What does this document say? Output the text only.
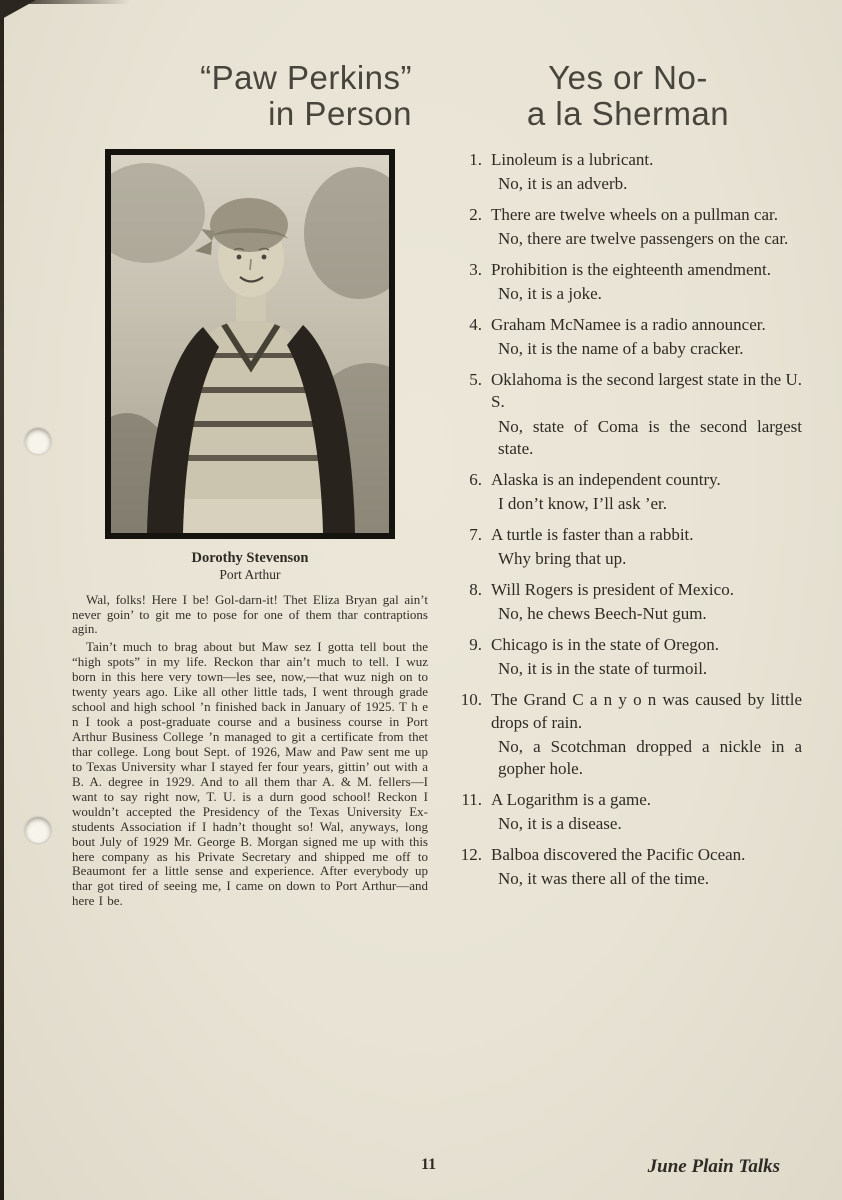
“Paw Perkins”
in Person
Dorothy Stevenson
Port Arthur

Wal, folks! Here I be! Gol-darn-it! Thet Eliza Bryan gal ain’t never goin’ to git me to pose for one of them thar contraptions agin.

Tain’t much to brag about but Maw sez I gotta tell bout the “high spots” in my life. Reckon thar ain’t much to tell. I wuz born in this here very town—les see, now,—that wuz nigh on to twenty years ago. Like all other little tads, I went through grade school and high school ’n finished back in January of 1925. T h e n I took a post-graduate course and a business course in Port Arthur Business College ’n managed to git a certificate from thet thar college. Long bout Sept. of 1926, Maw and Paw sent me up to Texas University whar I stayed fer four years, gittin’ out with a B. A. degree in 1929. And to all them thar A. & M. fellers—I want to say right now, T. U. is a durn good school! Reckon I wouldn’t accepted the Presidency of the Texas University Ex-students Association if I hadn’t thought so! Wal, anyways, long bout July of 1929 Mr. George B. Morgan signed me up with this here company as his Private Secretary and shipped me off to Beaumont fer a little sense and experience. After everybody up thar got tired of seeing me, I came on down to Port Arthur—and here I be.

Yes or No-
a la Sherman
1. Linoleum is a lubricant.

No, it is an adverb.

2. There are twelve wheels on a pullman car.

No, there are twelve passengers on the car.

3. Prohibition is the eighteenth amendment.

No, it is a joke.

4. Graham McNamee is a radio announcer.

No, it is the name of a baby cracker.

5. Oklahoma is the second largest state in the U. S.

No, state of Coma is the second largest state.

6. Alaska is an independent country.

I don’t know, I’ll ask ’er.

7. A turtle is faster than a rabbit.

Why bring that up.

8. Will Rogers is president of Mexico.

No, he chews Beech-Nut gum.

9. Chicago is in the state of Oregon.

No, it is in the state of turmoil.

10. The Grand C a n y o n was caused by little drops of rain.

No, a Scotchman dropped a nickle in a gopher hole.

11. A Logarithm is a game.

No, it is a disease.

12. Balboa discovered the Pacific Ocean.

No, it was there all of the time.

11	June Plain Talks
